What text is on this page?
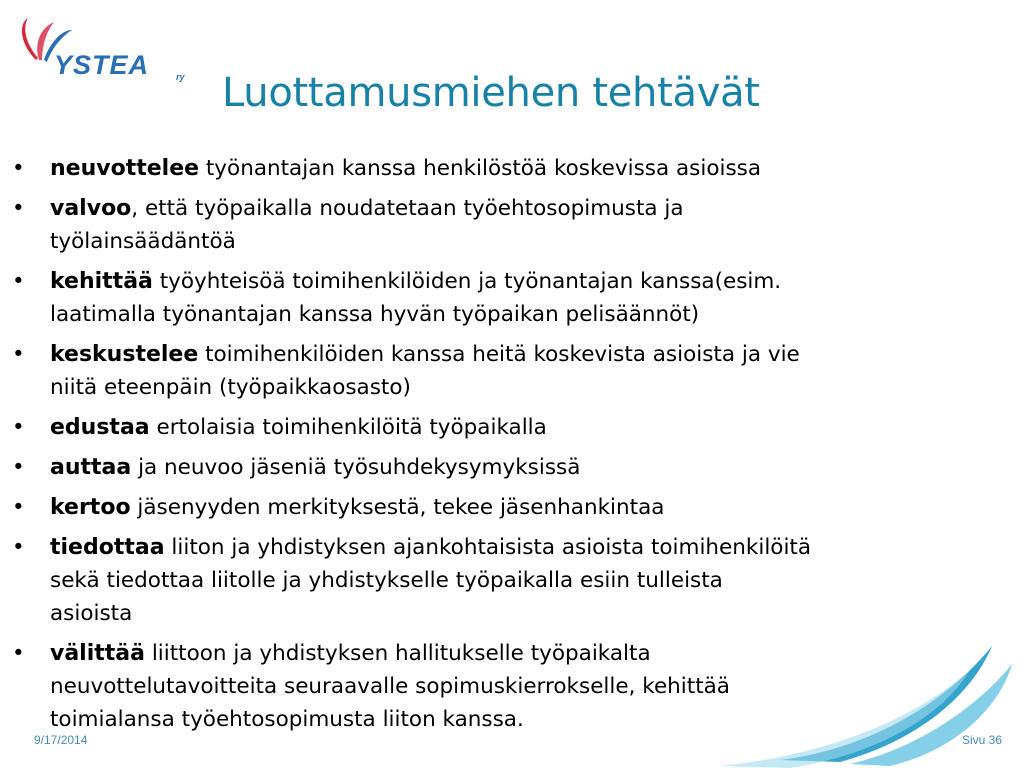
YSTEA	ry Luottamusmiehen tehtävät
• neuvottelee työnantajan kanssa henkilöstöä koskevissa asioissa
• valvoo, että työpaikalla noudatetaan työehtosopimusta ja
työlainsäädäntöä
• kehittää työyhteisöä toimihenkilöiden ja työnantajan kanssa(esim.
laatimalla työnantajan kanssa hyvän työpaikan pelisäännöt)
• keskustelee toimihenkilöiden kanssa heitä koskevista asioista ja vie
niitä eteenpäin (työpaikkaosasto)
• edustaa ertolaisia toimihenkilöitä työpaikalla
• auttaa ja neuvoo jäseniä työsuhdekysymyksissä
• kertoo jäsenyyden merkityksestä, tekee jäsenhankintaa
• tiedottaa liiton ja yhdistyksen ajankohtaisista asioista toimihenkilöitä
sekä tiedottaa liitolle ja yhdistykselle työpaikalla esiin tulleista
asioista
• välittää liittoon ja yhdistyksen hallitukselle työpaikalta
neuvottelutavoitteita seuraavalle sopimuskierrokselle, kehittää
toimialansa työehtosopimusta liiton kanssa.
9/17/2014	Sivu 36
